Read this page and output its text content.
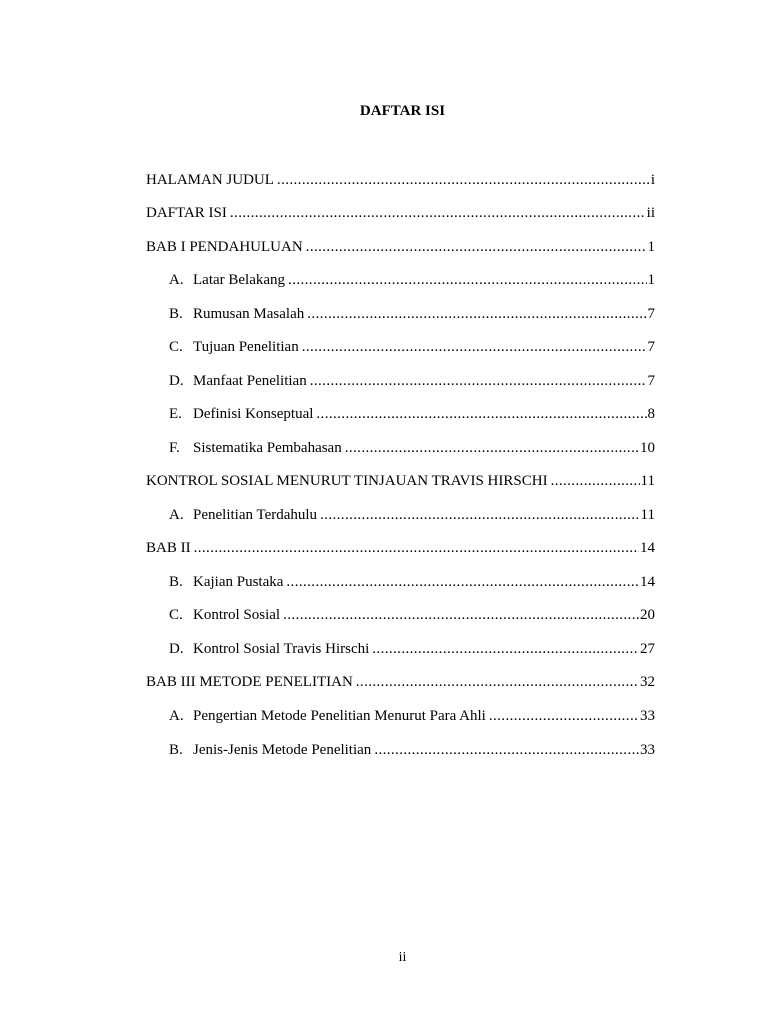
DAFTAR ISI
HALAMAN JUDUL .....	i
DAFTAR ISI .....	ii
BAB I PENDAHULUAN .....	1
A. Latar Belakang .....	1
B. Rumusan Masalah .....	7
C. Tujuan Penelitian .....	7
D. Manfaat Penelitian .....	7
E. Definisi Konseptual .....	8
F. Sistematika Pembahasan .....	10
KONTROL SOSIAL MENURUT TINJAUAN TRAVIS HIRSCHI .....	11
A. Penelitian Terdahulu .....	11
BAB II .....	14
B. Kajian Pustaka .....	14
C. Kontrol Sosial .....	20
D. Kontrol Sosial Travis Hirschi .....	27
BAB III METODE PENELITIAN .....	32
A. Pengertian Metode Penelitian Menurut Para Ahli .....	33
B. Jenis-Jenis Metode Penelitian .....	33
ii
